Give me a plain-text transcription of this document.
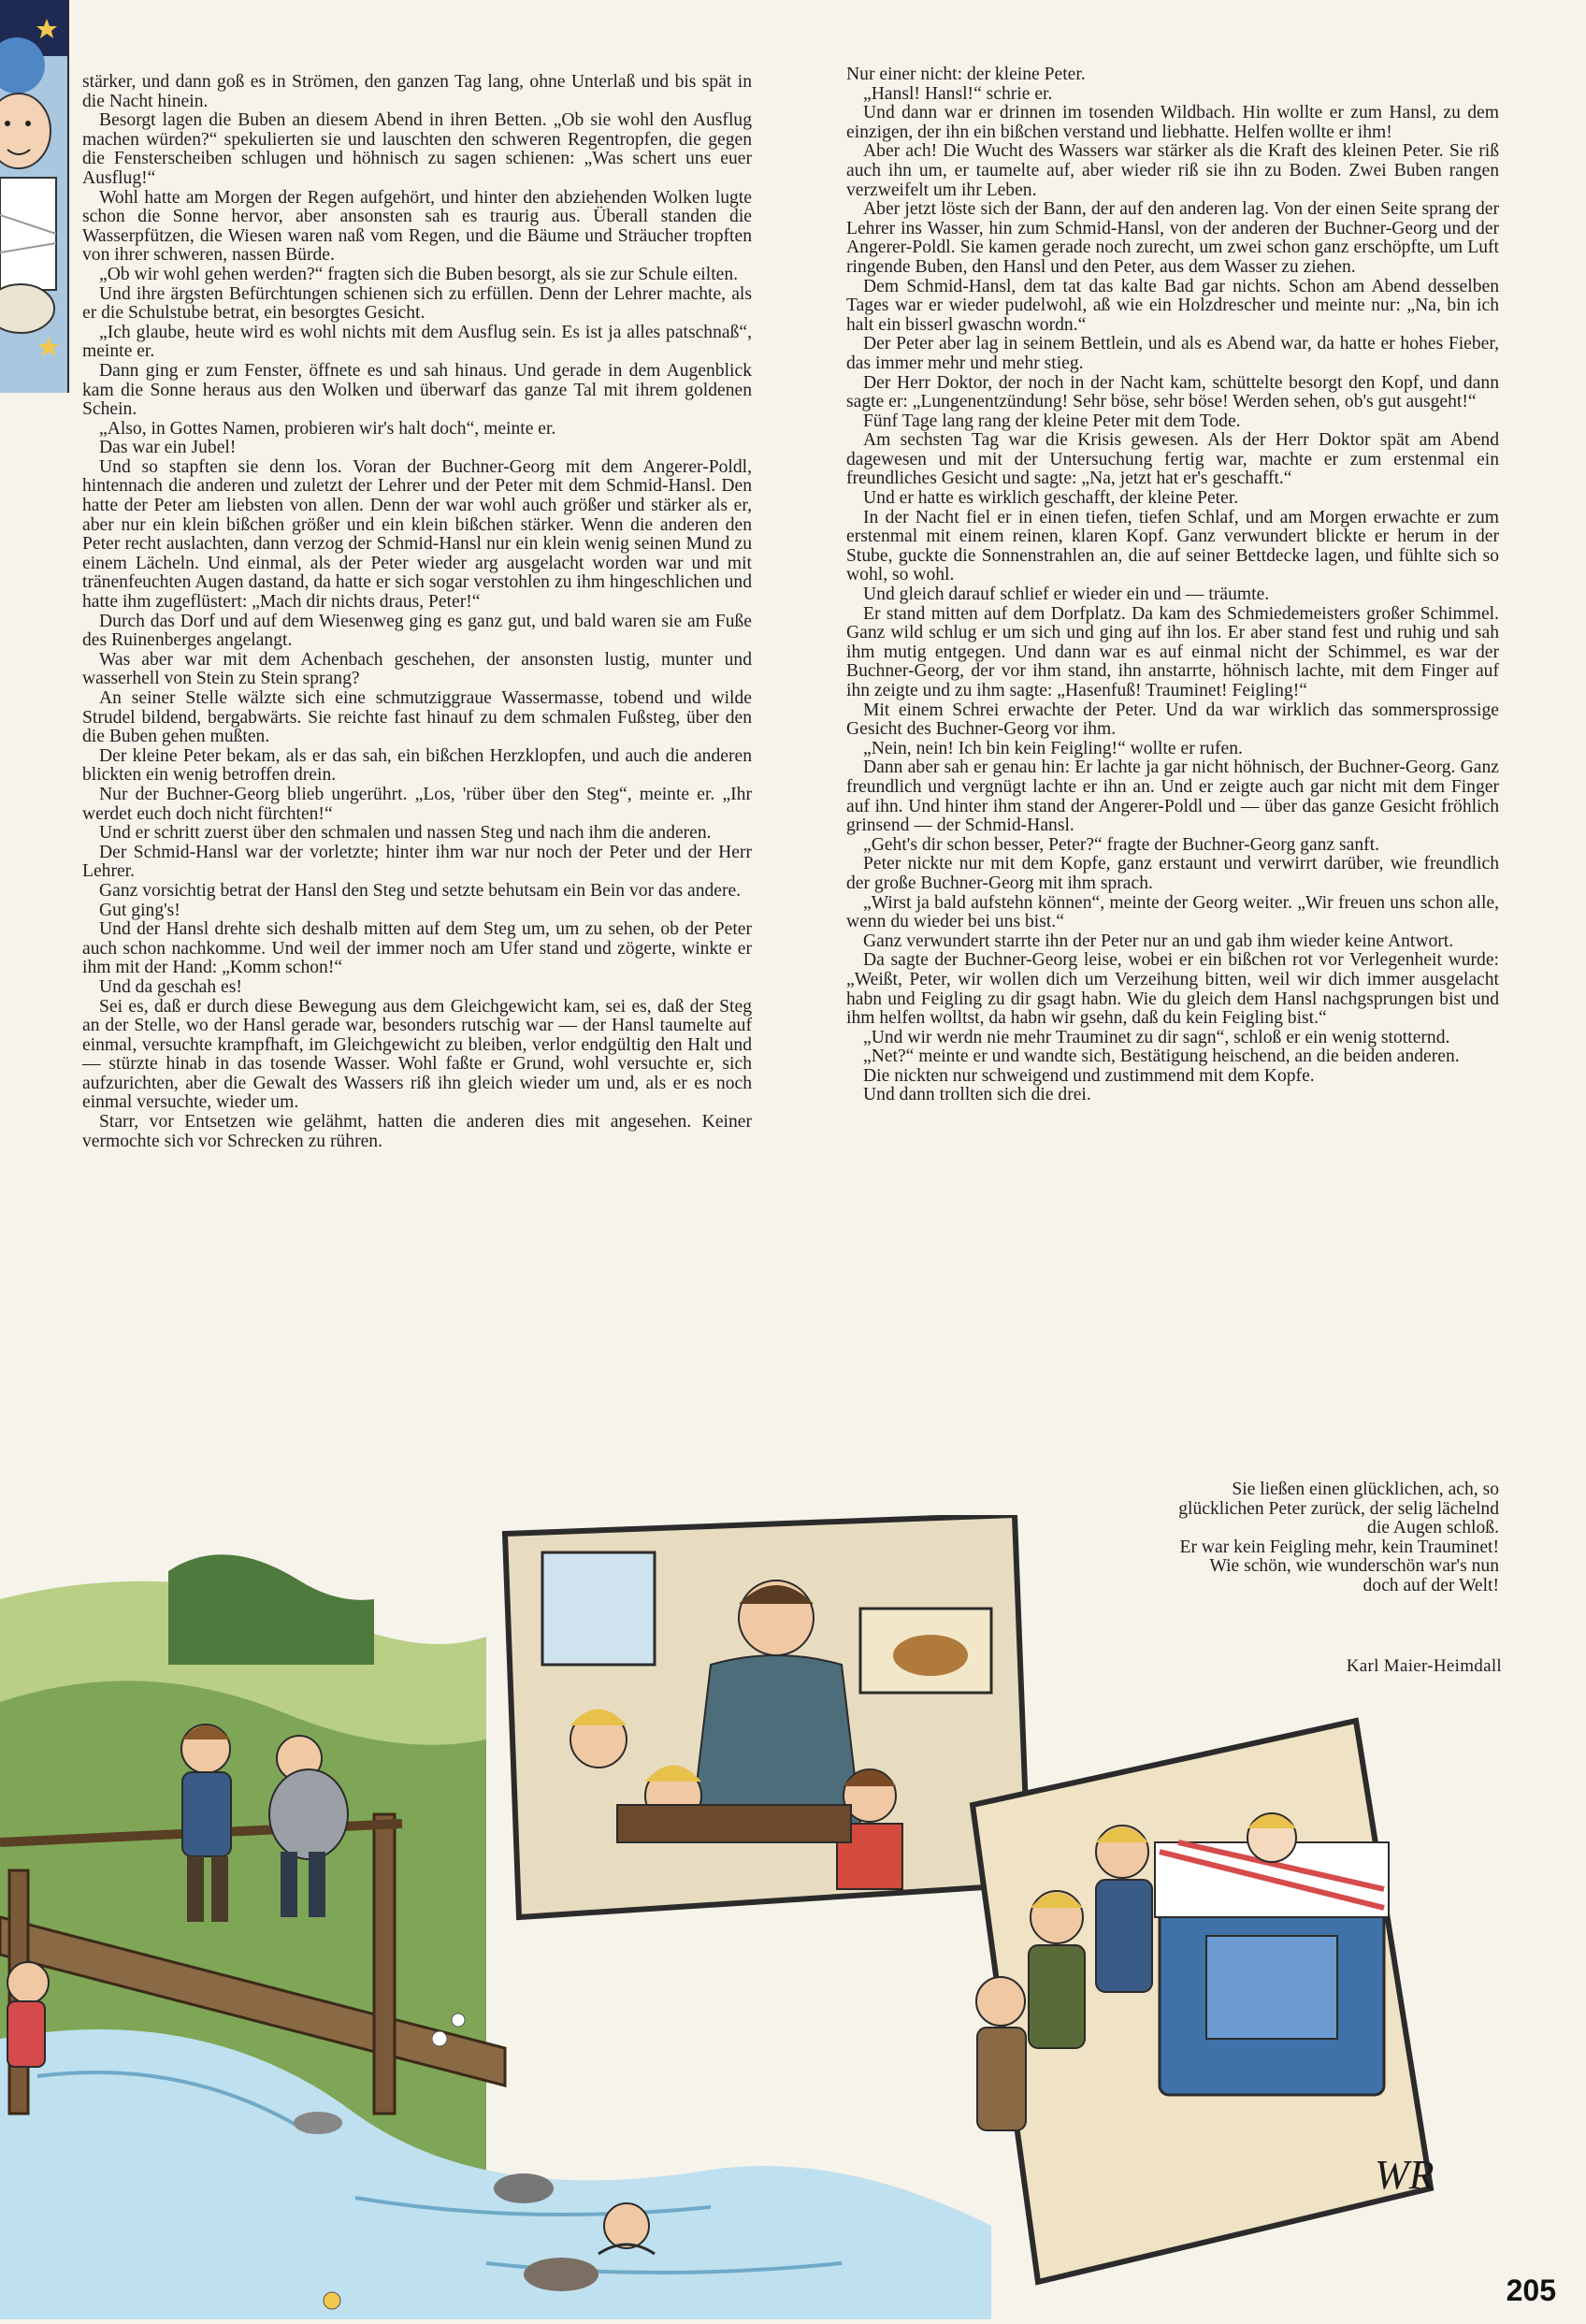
stärker, und dann goß es in Strömen, den ganzen Tag lang, ohne Unterlaß und bis spät in die Nacht hinein.

Besorgt lagen die Buben an diesem Abend in ihren Betten. „Ob sie wohl den Ausflug machen würden?“ spekulierten sie und lauschten den schweren Regentropfen, die gegen die Fensterscheiben schlugen und höhnisch zu sagen schienen: „Was schert uns euer Ausflug!“

Wohl hatte am Morgen der Regen aufgehört, und hinter den abziehenden Wolken lugte schon die Sonne hervor, aber ansonsten sah es traurig aus. Überall standen die Wasserpfützen, die Wiesen waren naß vom Regen, und die Bäume und Sträucher tropften von ihrer schweren, nassen Bürde.

„Ob wir wohl gehen werden?“ fragten sich die Buben besorgt, als sie zur Schule eilten.

Und ihre ärgsten Befürchtungen schienen sich zu erfüllen. Denn der Lehrer machte, als er die Schulstube betrat, ein besorgtes Gesicht.

„Ich glaube, heute wird es wohl nichts mit dem Ausflug sein. Es ist ja alles patschnaß“, meinte er.

Dann ging er zum Fenster, öffnete es und sah hinaus. Und gerade in dem Augenblick kam die Sonne heraus aus den Wolken und überwarf das ganze Tal mit ihrem goldenen Schein.

„Also, in Gottes Namen, probieren wir's halt doch“, meinte er.

Das war ein Jubel!

Und so stapften sie denn los. Voran der Buchner-Georg mit dem Angerer-Poldl, hintennach die anderen und zuletzt der Lehrer und der Peter mit dem Schmid-Hansl. Den hatte der Peter am liebsten von allen. Denn der war wohl auch größer und stärker als er, aber nur ein klein bißchen größer und ein klein bißchen stärker. Wenn die anderen den Peter recht auslachten, dann verzog der Schmid-Hansl nur ein klein wenig seinen Mund zu einem Lächeln. Und einmal, als der Peter wieder arg ausgelacht worden war und mit tränenfeuchten Augen dastand, da hatte er sich sogar verstohlen zu ihm hingeschlichen und hatte ihm zugeflüstert: „Mach dir nichts draus, Peter!“

Durch das Dorf und auf dem Wiesenweg ging es ganz gut, und bald waren sie am Fuße des Ruinenberges angelangt.

Was aber war mit dem Achenbach geschehen, der ansonsten lustig, munter und wasserhell von Stein zu Stein sprang?

An seiner Stelle wälzte sich eine schmutziggraue Wassermasse, tobend und wilde Strudel bildend, bergabwärts. Sie reichte fast hinauf zu dem schmalen Fußsteg, über den die Buben gehen mußten.

Der kleine Peter bekam, als er das sah, ein bißchen Herzklopfen, und auch die anderen blickten ein wenig betroffen drein.

Nur der Buchner-Georg blieb ungerührt. „Los, 'rüber über den Steg“, meinte er. „Ihr werdet euch doch nicht fürchten!“

Und er schritt zuerst über den schmalen und nassen Steg und nach ihm die anderen.

Der Schmid-Hansl war der vorletzte; hinter ihm war nur noch der Peter und der Herr Lehrer.

Ganz vorsichtig betrat der Hansl den Steg und setzte behutsam ein Bein vor das andere.

Gut ging's!

Und der Hansl drehte sich deshalb mitten auf dem Steg um, um zu sehen, ob der Peter auch schon nachkomme. Und weil der immer noch am Ufer stand und zögerte, winkte er ihm mit der Hand: „Komm schon!“

Und da geschah es!

Sei es, daß er durch diese Bewegung aus dem Gleichgewicht kam, sei es, daß der Steg an der Stelle, wo der Hansl gerade war, besonders rutschig war — der Hansl taumelte auf einmal, versuchte krampfhaft, im Gleichgewicht zu bleiben, verlor endgültig den Halt und — stürzte hinab in das tosende Wasser. Wohl faßte er Grund, wohl versuchte er, sich aufzurichten, aber die Gewalt des Wassers riß ihn gleich wieder um und, als er es noch einmal versuchte, wieder um.

Starr, vor Entsetzen wie gelähmt, hatten die anderen dies mit angesehen. Keiner vermochte sich vor Schrecken zu rühren.

Nur einer nicht: der kleine Peter.

„Hansl! Hansl!“ schrie er.

Und dann war er drinnen im tosenden Wildbach. Hin wollte er zum Hansl, zu dem einzigen, der ihn ein bißchen verstand und liebhatte. Helfen wollte er ihm!

Aber ach! Die Wucht des Wassers war stärker als die Kraft des kleinen Peter. Sie riß auch ihn um, er taumelte auf, aber wieder riß sie ihn zu Boden. Zwei Buben rangen verzweifelt um ihr Leben.

Aber jetzt löste sich der Bann, der auf den anderen lag. Von der einen Seite sprang der Lehrer ins Wasser, hin zum Schmid-Hansl, von der anderen der Buchner-Georg und der Angerer-Poldl. Sie kamen gerade noch zurecht, um zwei schon ganz erschöpfte, um Luft ringende Buben, den Hansl und den Peter, aus dem Wasser zu ziehen.

Dem Schmid-Hansl, dem tat das kalte Bad gar nichts. Schon am Abend desselben Tages war er wieder pudelwohl, aß wie ein Holzdrescher und meinte nur: „Na, bin ich halt ein bisserl gwaschn wordn.“

Der Peter aber lag in seinem Bettlein, und als es Abend war, da hatte er hohes Fieber, das immer mehr und mehr stieg.

Der Herr Doktor, der noch in der Nacht kam, schüttelte besorgt den Kopf, und dann sagte er: „Lungenentzündung! Sehr böse, sehr böse! Werden sehen, ob's gut ausgeht!“

Fünf Tage lang rang der kleine Peter mit dem Tode.

Am sechsten Tag war die Krisis gewesen. Als der Herr Doktor spät am Abend dagewesen und mit der Untersuchung fertig war, machte er zum erstenmal ein freundliches Gesicht und sagte: „Na, jetzt hat er's geschafft.“

Und er hatte es wirklich geschafft, der kleine Peter.

In der Nacht fiel er in einen tiefen, tiefen Schlaf, und am Morgen erwachte er zum erstenmal mit einem reinen, klaren Kopf. Ganz verwundert blickte er herum in der Stube, guckte die Sonnenstrahlen an, die auf seiner Bettdecke lagen, und fühlte sich so wohl, so wohl.

Und gleich darauf schlief er wieder ein und — träumte.

Er stand mitten auf dem Dorfplatz. Da kam des Schmiedemeisters großer Schimmel. Ganz wild schlug er um sich und ging auf ihn los. Er aber stand fest und ruhig und sah ihm mutig entgegen. Und dann war es auf einmal nicht der Schimmel, es war der Buchner-Georg, der vor ihm stand, ihn anstarrte, höhnisch lachte, mit dem Finger auf ihn zeigte und zu ihm sagte: „Hasenfuß! Trauminet! Feigling!“

Mit einem Schrei erwachte der Peter. Und da war wirklich das sommersprossige Gesicht des Buchner-Georg vor ihm.

„Nein, nein! Ich bin kein Feigling!“ wollte er rufen.

Dann aber sah er genau hin: Er lachte ja gar nicht höhnisch, der Buchner-Georg. Ganz freundlich und vergnügt lachte er ihn an. Und er zeigte auch gar nicht mit dem Finger auf ihn. Und hinter ihm stand der Angerer-Poldl und — über das ganze Gesicht fröhlich grinsend — der Schmid-Hansl.

„Geht's dir schon besser, Peter?“ fragte der Buchner-Georg ganz sanft.

Peter nickte nur mit dem Kopfe, ganz erstaunt und verwirrt darüber, wie freundlich der große Buchner-Georg mit ihm sprach.

„Wirst ja bald aufstehn können“, meinte der Georg weiter. „Wir freuen uns schon alle, wenn du wieder bei uns bist.“

Ganz verwundert starrte ihn der Peter nur an und gab ihm wieder keine Antwort.

Da sagte der Buchner-Georg leise, wobei er ein bißchen rot vor Verlegenheit wurde: „Weißt, Peter, wir wollen dich um Verzeihung bitten, weil wir dich immer ausgelacht habn und Feigling zu dir gsagt habn. Wie du gleich dem Hansl nachgsprungen bist und ihm helfen wolltst, da habn wir gsehn, daß du kein Feigling bist.“

„Und wir werdn nie mehr Trauminet zu dir sagn“, schloß er ein wenig stotternd.

„Net?“ meinte er und wandte sich, Bestätigung heischend, an die beiden anderen.

Die nickten nur schweigend und zustimmend mit dem Kopfe.

Und dann trollten sich die drei.

Sie ließen einen glücklichen, ach, so

glücklichen Peter zurück, der selig lächelnd

die Augen schloß.

Er war kein Feigling mehr, kein Trauminet!

Wie schön, wie wunderschön war's nun

doch auf der Welt!

Karl Maier-Heimdall
WR
205
